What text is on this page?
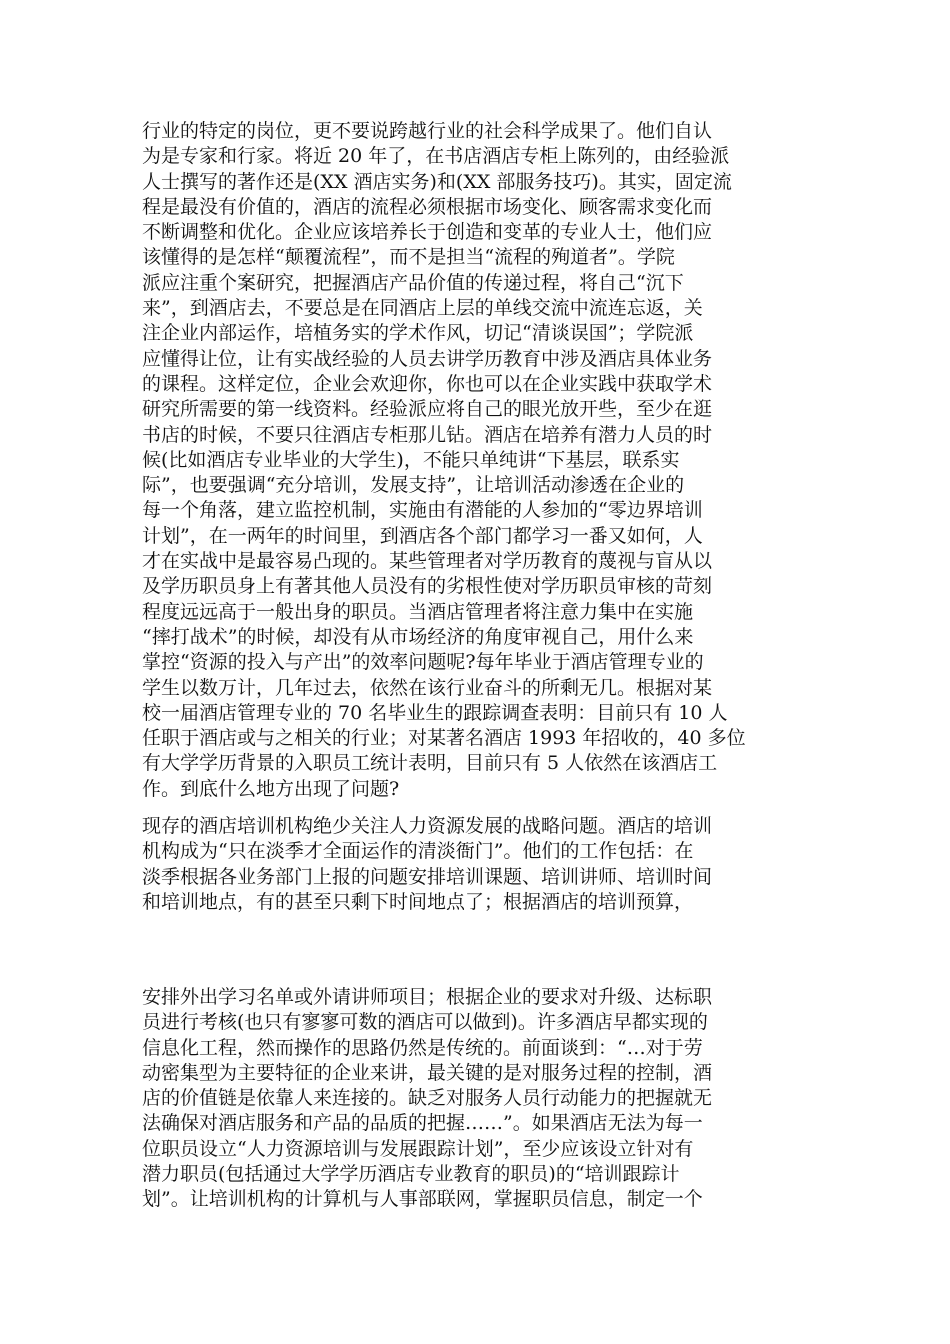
行业的特定的岗位，更不要说跨越行业的社会科学成果了。他们自认
为是专家和行家。将近 20 年了，在书店酒店专柜上陈列的，由经验派
人士撰写的著作还是(XX 酒店实务)和(XX 部服务技巧)。其实，固定流
程是最没有价值的，酒店的流程必须根据市场变化、顾客需求变化而
不断调整和优化。企业应该培养长于创造和变革的专业人士，他们应
该懂得的是怎样“颠覆流程”，而不是担当“流程的殉道者”。学院
派应注重个案研究，把握酒店产品价值的传递过程，将自己“沉下
来”，到酒店去，不要总是在同酒店上层的单线交流中流连忘返，关
注企业内部运作，培植务实的学术作风，切记“清谈误国”；学院派
应懂得让位，让有实战经验的人员去讲学历教育中涉及酒店具体业务
的课程。这样定位，企业会欢迎你，你也可以在企业实践中获取学术
研究所需要的第一线资料。经验派应将自己的眼光放开些，至少在逛
书店的时候，不要只往酒店专柜那儿钻。酒店在培养有潜力人员的时
候(比如酒店专业毕业的大学生)，不能只单纯讲“下基层，联系实
际”，也要强调“充分培训，发展支持”，让培训活动渗透在企业的
每一个角落，建立监控机制，实施由有潜能的人参加的“零边界培训
计划”，在一两年的时间里，到酒店各个部门都学习一番又如何，人
才在实战中是最容易凸现的。某些管理者对学历教育的蔑视与盲从以
及学历职员身上有著其他人员没有的劣根性使对学历职员审核的苛刻
程度远远高于一般出身的职员。当酒店管理者将注意力集中在实施
“摔打战术”的时候，却没有从市场经济的角度审视自己，用什么来
掌控“资源的投入与产出”的效率问题呢?每年毕业于酒店管理专业的
学生以数万计，几年过去，依然在该行业奋斗的所剩无几。根据对某
校一届酒店管理专业的 70 名毕业生的跟踪调查表明：目前只有 10 人
任职于酒店或与之相关的行业；对某著名酒店 1993 年招收的，40 多位
有大学学历背景的入职员工统计表明，目前只有 5 人依然在该酒店工
作。到底什么地方出现了问题?
现存的酒店培训机构绝少关注人力资源发展的战略问题。酒店的培训
机构成为“只在淡季才全面运作的清淡衙门”。他们的工作包括：在
淡季根据各业务部门上报的问题安排培训课题、培训讲师、培训时间
和培训地点，有的甚至只剩下时间地点了；根据酒店的培训预算，
安排外出学习名单或外请讲师项目；根据企业的要求对升级、达标职
员进行考核(也只有寥寥可数的酒店可以做到)。许多酒店早都实现的
信息化工程，然而操作的思路仍然是传统的。前面谈到：“…对于劳
动密集型为主要特征的企业来讲，最关键的是对服务过程的控制，酒
店的价值链是依靠人来连接的。缺乏对服务人员行动能力的把握就无
法确保对酒店服务和产品的品质的把握……”。如果酒店无法为每一
位职员设立“人力资源培训与发展跟踪计划”，至少应该设立针对有
潜力职员(包括通过大学学历酒店专业教育的职员)的“培训跟踪计
划”。让培训机构的计算机与人事部联网，掌握职员信息，制定一个
